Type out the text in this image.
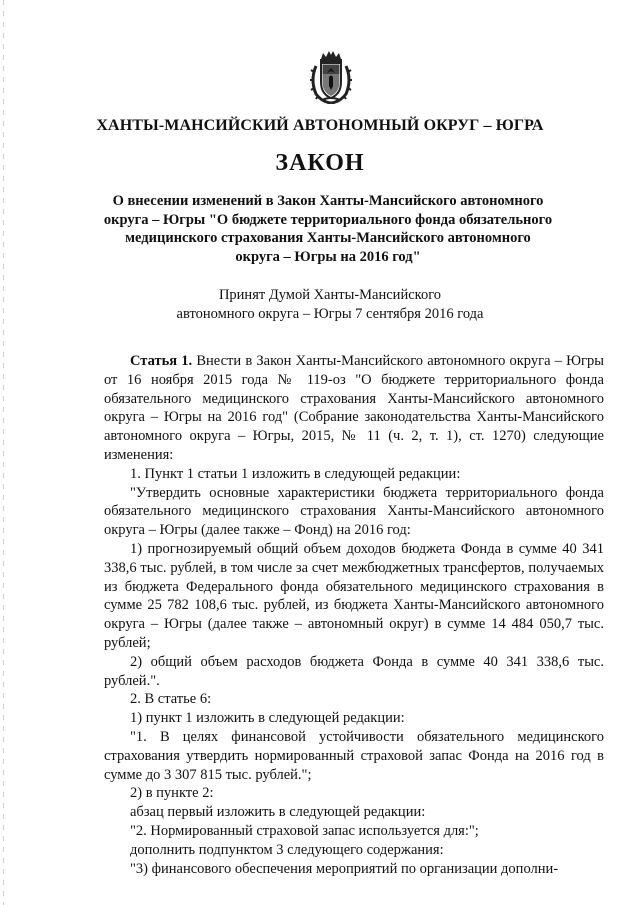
ХАНТЫ-МАНСИЙСКИЙ АВТОНОМНЫЙ ОКРУГ – ЮГРА
ЗАКОН
О внесении изменений в Закон Ханты-Мансийского автономного
округа – Югры "О бюджете территориального фонда обязательного
медицинского страхования Ханты-Мансийского автономного
округа – Югры на 2016 год"
Принят Думой Ханты-Мансийского
автономного округа – Югры 7 сентября 2016 года

Статья 1. Внести в Закон Ханты-Мансийского автономного округа – Югры от 16 ноября 2015 года № 119-оз "О бюджете территориального фонда обязательного медицинского страхования Ханты-Мансийского автономного округа – Югры на 2016 год" (Собрание законодательства Ханты-Мансийского автономного округа – Югры, 2015, № 11 (ч. 2, т. 1), ст. 1270) следующие изменения:

1. Пункт 1 статьи 1 изложить в следующей редакции:

"Утвердить основные характеристики бюджета территориального фонда обязательного медицинского страхования Ханты-Мансийского автономного округа – Югры (далее также – Фонд) на 2016 год:

1) прогнозируемый общий объем доходов бюджета Фонда в сумме 40 341 338,6 тыс. рублей, в том числе за счет межбюджетных трансфертов, получаемых из бюджета Федерального фонда обязательного медицинского страхования в сумме 25 782 108,6 тыс. рублей, из бюджета Ханты-Мансийского автономного округа – Югры (далее также – автономный округ) в сумме 14 484 050,7 тыс. рублей;

2) общий объем расходов бюджета Фонда в сумме 40 341 338,6 тыс. рублей.".

2. В статье 6:

1) пункт 1 изложить в следующей редакции:

"1. В целях финансовой устойчивости обязательного медицинского страхования утвердить нормированный страховой запас Фонда на 2016 год в сумме до 3 307 815 тыс. рублей.";

2) в пункте 2:

абзац первый изложить в следующей редакции:

"2. Нормированный страховой запас используется для:";

дополнить подпунктом 3 следующего содержания:

"3) финансового обеспечения мероприятий по организации дополни-
